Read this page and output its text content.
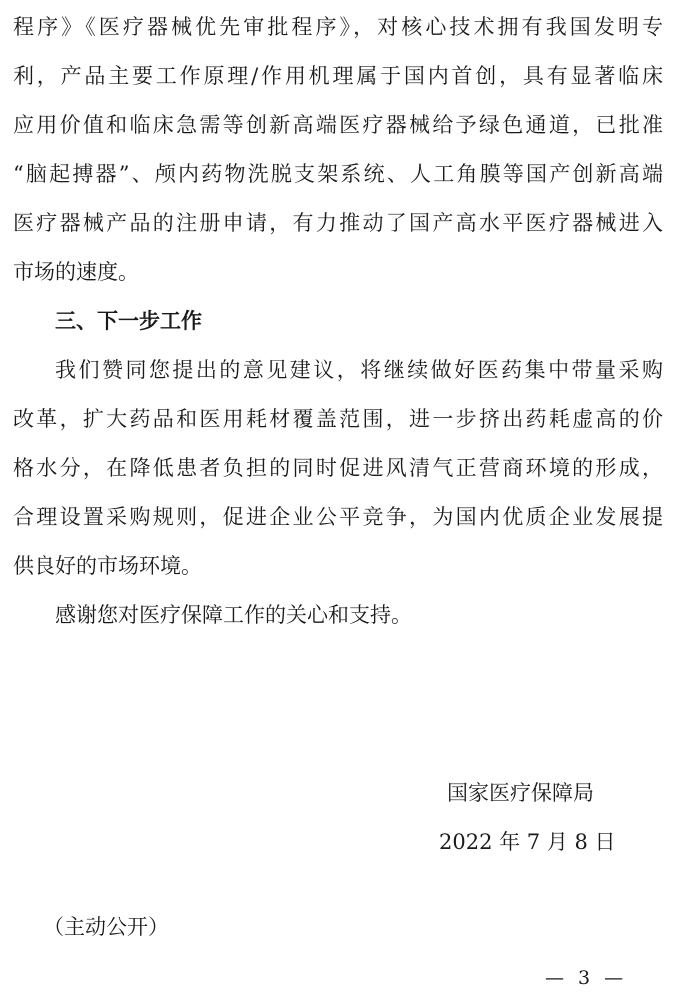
程序》《医疗器械优先审批程序》，对核心技术拥有我国发明专
利，产品主要工作原理/作用机理属于国内首创，具有显著临床
应用价值和临床急需等创新高端医疗器械给予绿色通道，已批准
“脑起搏器”、颅内药物洗脱支架系统、人工角膜等国产创新高端
医疗器械产品的注册申请，有力推动了国产高水平医疗器械进入
市场的速度。
三、下一步工作
我们赞同您提出的意见建议，将继续做好医药集中带量采购
改革，扩大药品和医用耗材覆盖范围，进一步挤出药耗虚高的价
格水分，在降低患者负担的同时促进风清气正营商环境的形成，
合理设置采购规则，促进企业公平竞争，为国内优质企业发展提
供良好的市场环境。
感谢您对医疗保障工作的关心和支持。
国家医疗保障局
2022 年 7 月 8 日
（主动公开）
— 3 —
